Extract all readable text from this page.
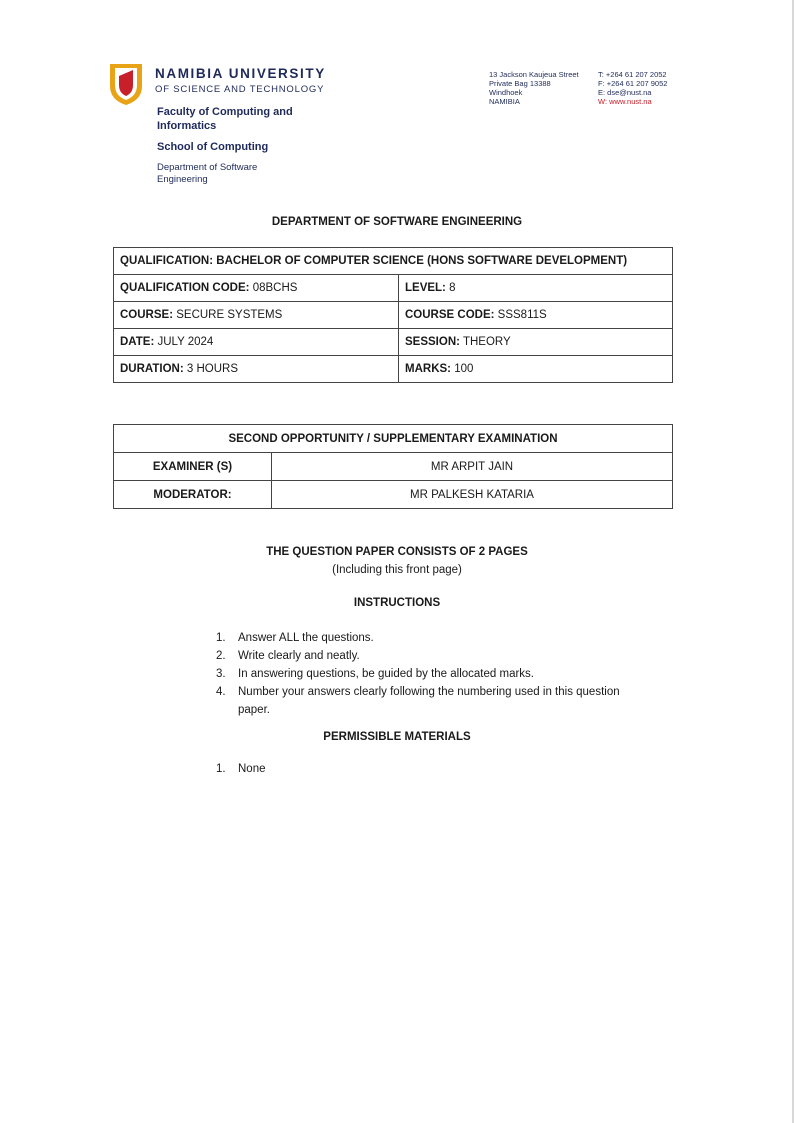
NAMIBIA UNIVERSITY
OF SCIENCE AND TECHNOLOGY
Faculty of Computing and Informatics
School of Computing
Department of Software Engineering
13 Jackson Kaujeua Street
Private Bag 13388
Windhoek
NAMIBIA
T: +264 61 207 2052
F: +264 61 207 9052
E: dse@nust.na
W: www.nust.na
DEPARTMENT OF SOFTWARE ENGINEERING
QUALIFICATION: BACHELOR OF COMPUTER SCIENCE (HONS SOFTWARE DEVELOPMENT)	
QUALIFICATION CODE: 08BCHS	LEVEL: 8
COURSE: SECURE SYSTEMS	COURSE CODE: SSS811S
DATE: JULY 2024	SESSION: THEORY
DURATION: 3 HOURS	MARKS: 100
SECOND OPPORTUNITY / SUPPLEMENTARY EXAMINATION	
EXAMINER (S)	MR ARPIT JAIN
MODERATOR:	MR PALKESH KATARIA
THE QUESTION PAPER CONSISTS OF 2 PAGES
(Including this front page)
INSTRUCTIONS
1.	Answer ALL the questions.
2.	Write clearly and neatly.
3.	In answering questions, be guided by the allocated marks.
4.	Number your answers clearly following the numbering used in this question paper.
PERMISSIBLE MATERIALS
1.	None
